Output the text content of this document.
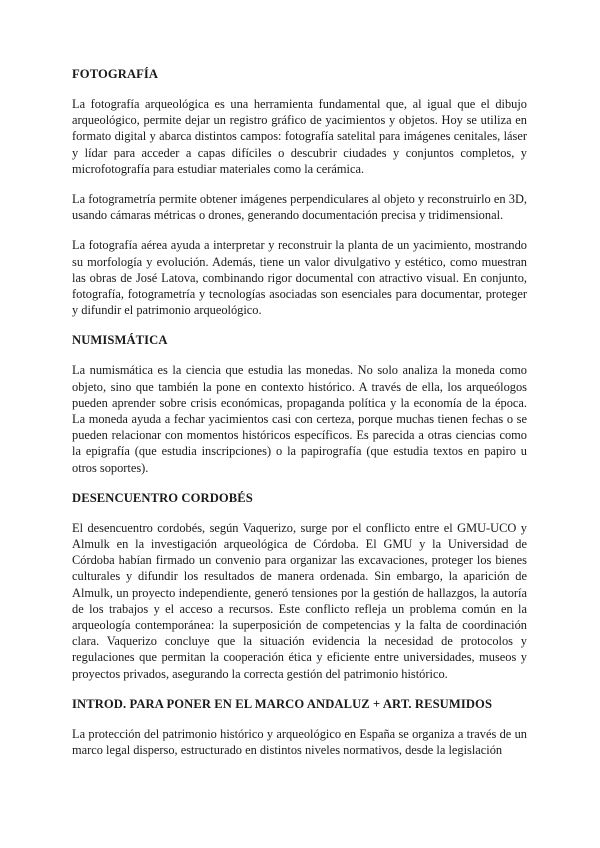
FOTOGRAFÍA

La fotografía arqueológica es una herramienta fundamental que, al igual que el dibujo arqueológico, permite dejar un registro gráfico de yacimientos y objetos. Hoy se utiliza en formato digital y abarca distintos campos: fotografía satelital para imágenes cenitales, láser y lídar para acceder a capas difíciles o descubrir ciudades y conjuntos completos, y microfotografía para estudiar materiales como la cerámica.

La fotogrametría permite obtener imágenes perpendiculares al objeto y reconstruirlo en 3D, usando cámaras métricas o drones, generando documentación precisa y tridimensional.

La fotografía aérea ayuda a interpretar y reconstruir la planta de un yacimiento, mostrando su morfología y evolución. Además, tiene un valor divulgativo y estético, como muestran las obras de José Latova, combinando rigor documental con atractivo visual. En conjunto, fotografía, fotogrametría y tecnologías asociadas son esenciales para documentar, proteger y difundir el patrimonio arqueológico.

NUMISMÁTICA

La numismática es la ciencia que estudia las monedas. No solo analiza la moneda como objeto, sino que también la pone en contexto histórico. A través de ella, los arqueólogos pueden aprender sobre crisis económicas, propaganda política y la economía de la época. La moneda ayuda a fechar yacimientos casi con certeza, porque muchas tienen fechas o se pueden relacionar con momentos históricos específicos. Es parecida a otras ciencias como la epigrafía (que estudia inscripciones) o la papirografía (que estudia textos en papiro u otros soportes).

DESENCUENTRO CORDOBÉS

El desencuentro cordobés, según Vaquerizo, surge por el conflicto entre el GMU-UCO y Almulk en la investigación arqueológica de Córdoba. El GMU y la Universidad de Córdoba habían firmado un convenio para organizar las excavaciones, proteger los bienes culturales y difundir los resultados de manera ordenada. Sin embargo, la aparición de Almulk, un proyecto independiente, generó tensiones por la gestión de hallazgos, la autoría de los trabajos y el acceso a recursos. Este conflicto refleja un problema común en la arqueología contemporánea: la superposición de competencias y la falta de coordinación clara. Vaquerizo concluye que la situación evidencia la necesidad de protocolos y regulaciones que permitan la cooperación ética y eficiente entre universidades, museos y proyectos privados, asegurando la correcta gestión del patrimonio histórico.

INTROD. PARA PONER EN EL MARCO ANDALUZ + ART. RESUMIDOS

La protección del patrimonio histórico y arqueológico en España se organiza a través de un marco legal disperso, estructurado en distintos niveles normativos, desde la legislación
